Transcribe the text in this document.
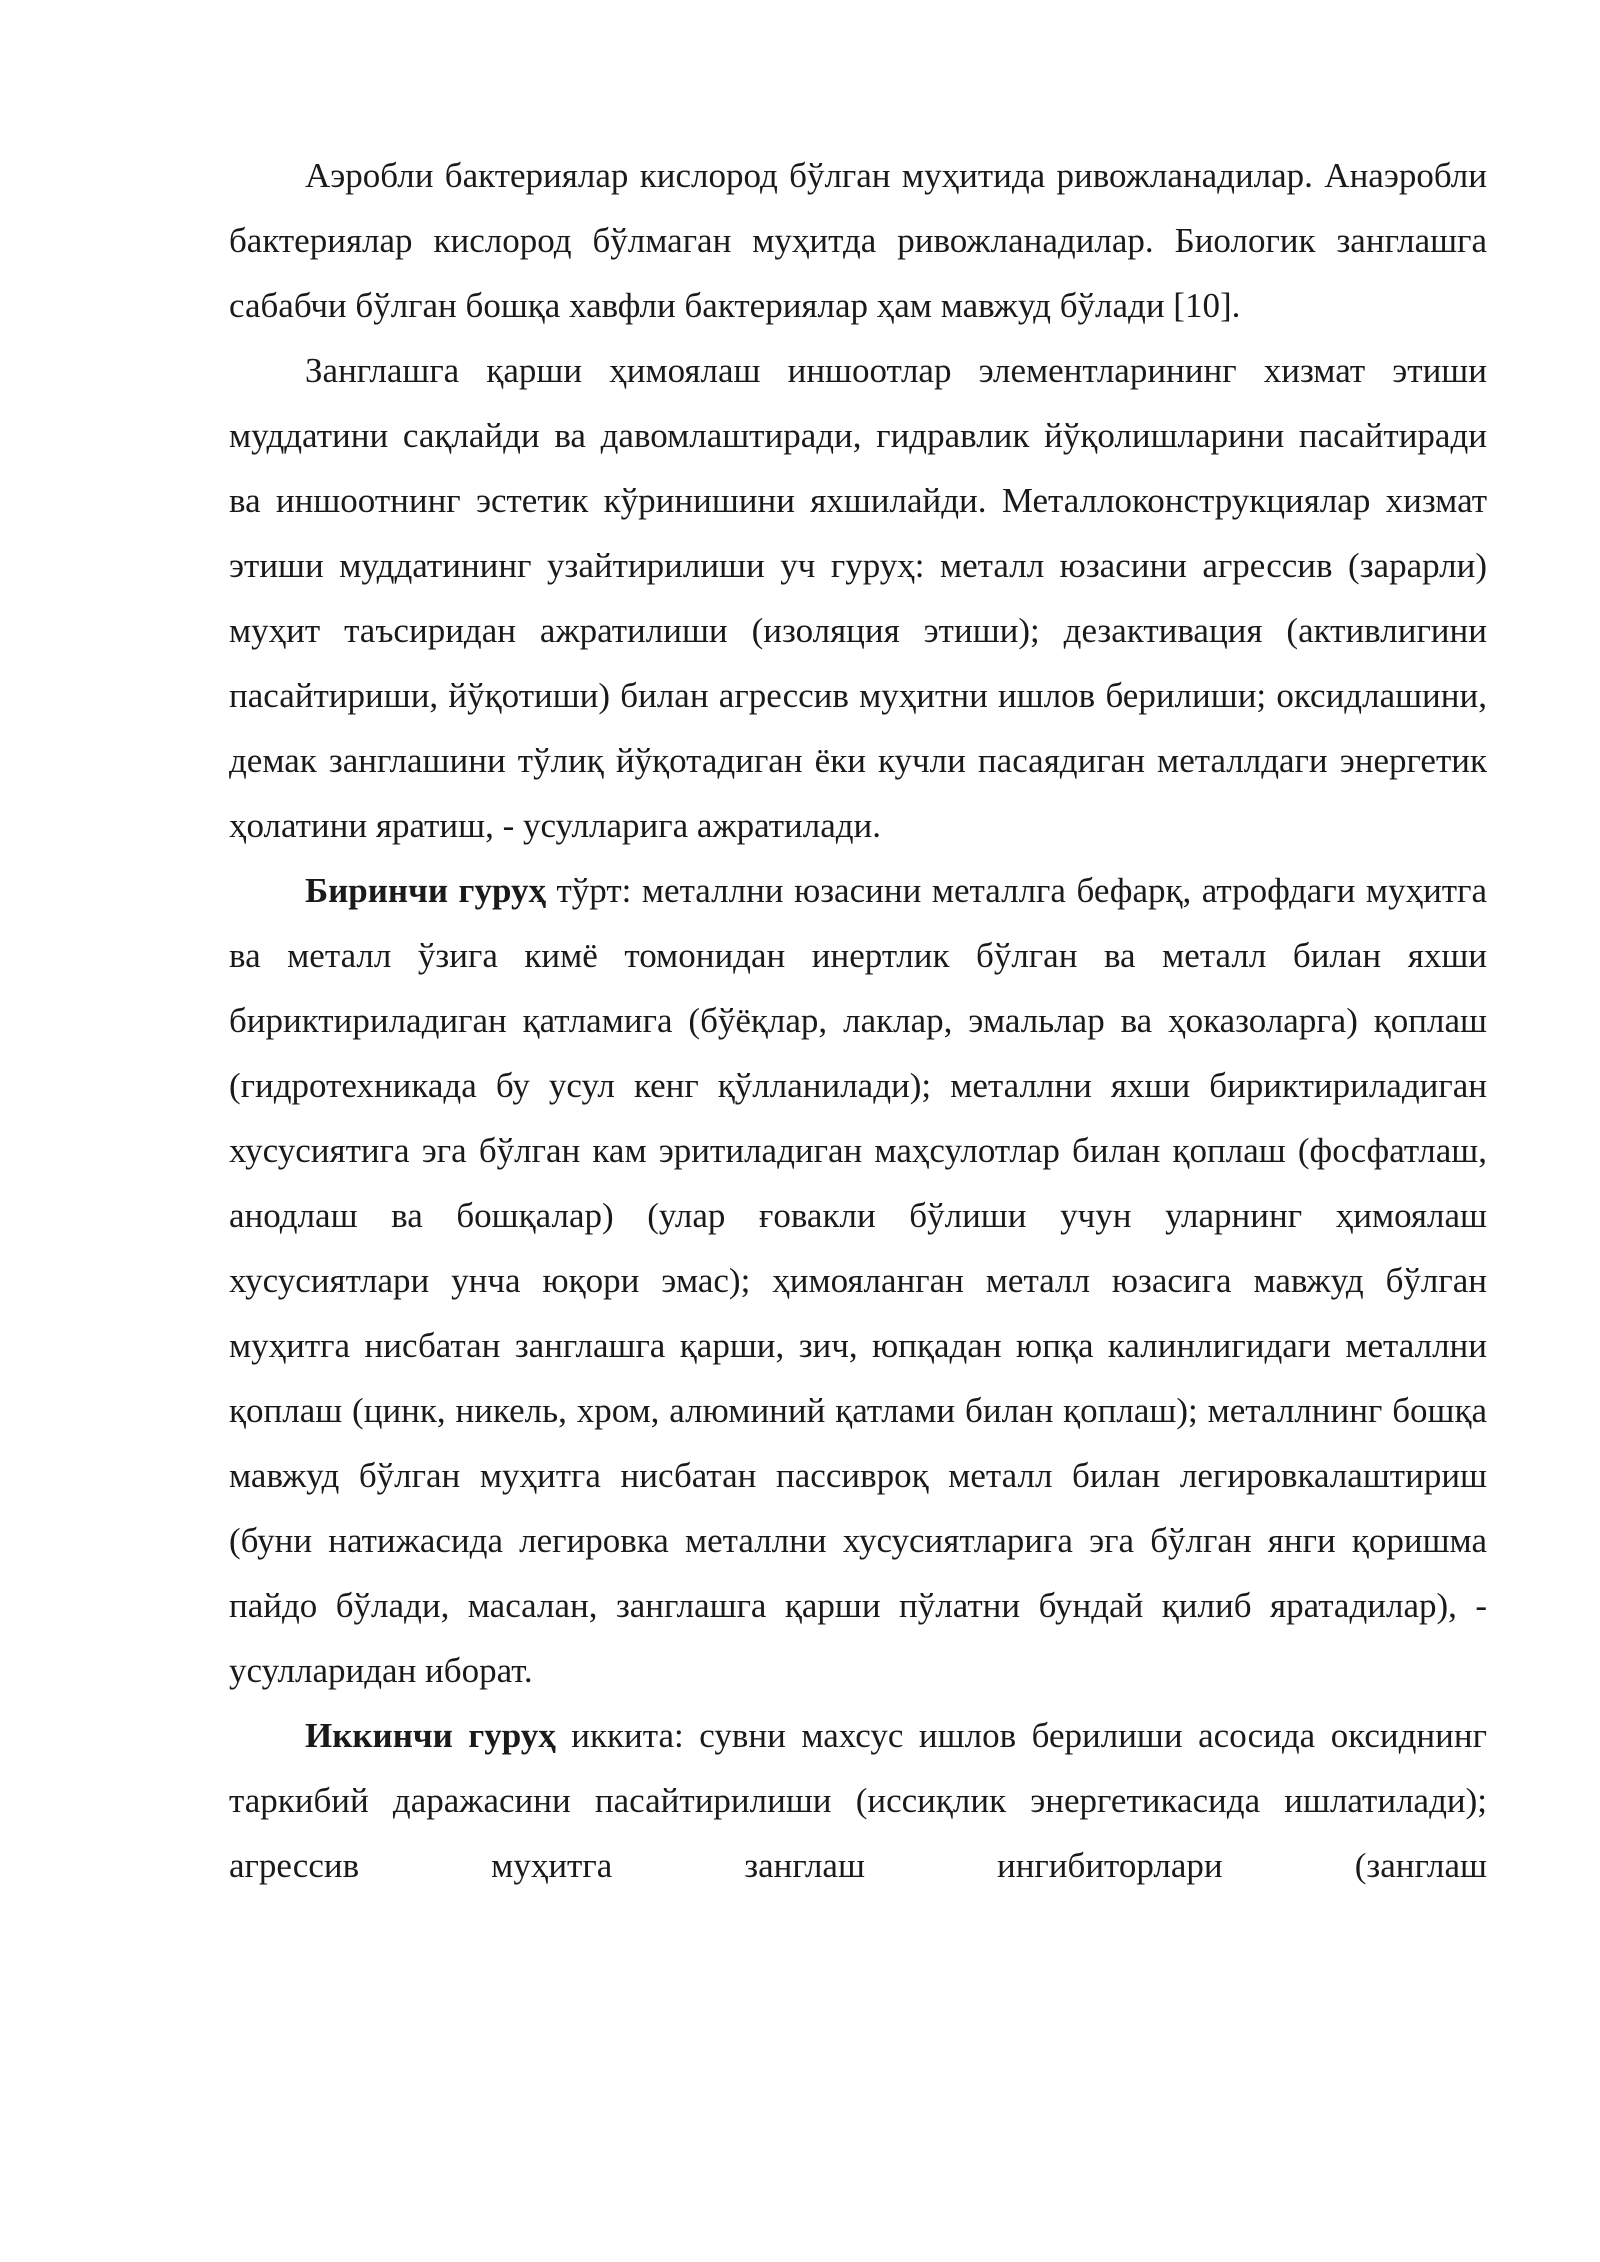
Аэробли бактериялар кислород бўлган муҳитида ривожланадилар. Анаэробли бактериялар кислород бўлмаган муҳитда ривожланадилар. Биологик занглашга сабабчи бўлган бошқа хавфли бактериялар ҳам мавжуд бўлади [10].

Занглашга қарши ҳимоялаш иншоотлар элементларининг хизмат этиши муддатини сақлайди ва давомлаштиради, гидравлик йўқолишларини пасайтиради ва иншоотнинг эстетик кўринишини яхшилайди. Металлоконструкциялар хизмат этиши муддатининг узайтирилиши уч гуруҳ: металл юзасини агрессив (зарарли) муҳит таъсиридан ажратилиши (изоляция этиши); дезактивация (активлигини пасайтириши, йўқотиши) билан агрессив муҳитни ишлов берилиши; оксидлашини, демак занглашини тўлиқ йўқотадиган ёки кучли пасаядиган металлдаги энергетик ҳолатини яратиш, - усулларига ажратилади.

Биринчи гуруҳ тўрт: металлни юзасини металлга бефарқ, атрофдаги муҳитга ва металл ўзига кимё томонидан инертлик бўлган ва металл билан яхши бириктириладиган қатламига (бўёқлар, лаклар, эмальлар ва ҳоказоларга) қоплаш (гидротехникада бу усул кенг қўлланилади); металлни яхши бириктириладиган хусусиятига эга бўлган кам эритиладиган маҳсулотлар билан қоплаш (фосфатлаш, анодлаш ва бошқалар) (улар ғовакли бўлиши учун уларнинг ҳимоялаш хусусиятлари унча юқори эмас); ҳимояланган металл юзасига мавжуд бўлган муҳитга нисбатан занглашга қарши, зич, юпқадан юпқа калинлигидаги металлни қоплаш (цинк, никель, хром, алюминий қатлами билан қоплаш); металлнинг бошқа мавжуд бўлган муҳитга нисбатан пассивроқ металл билан легировкалаштириш (буни натижасида легировка металлни хусусиятларига эга бўлган янги қоришма пайдо бўлади, масалан, занглашга қарши пўлатни бундай қилиб яратадилар), - усулларидан иборат.

Иккинчи гуруҳ иккита: сувни махсус ишлов берилиши асосида оксиднинг таркибий даражасини пасайтирилиши (иссиқлик энергетикасида ишлатилади); агрессив муҳитга занглаш ингибиторлари (занглаш
